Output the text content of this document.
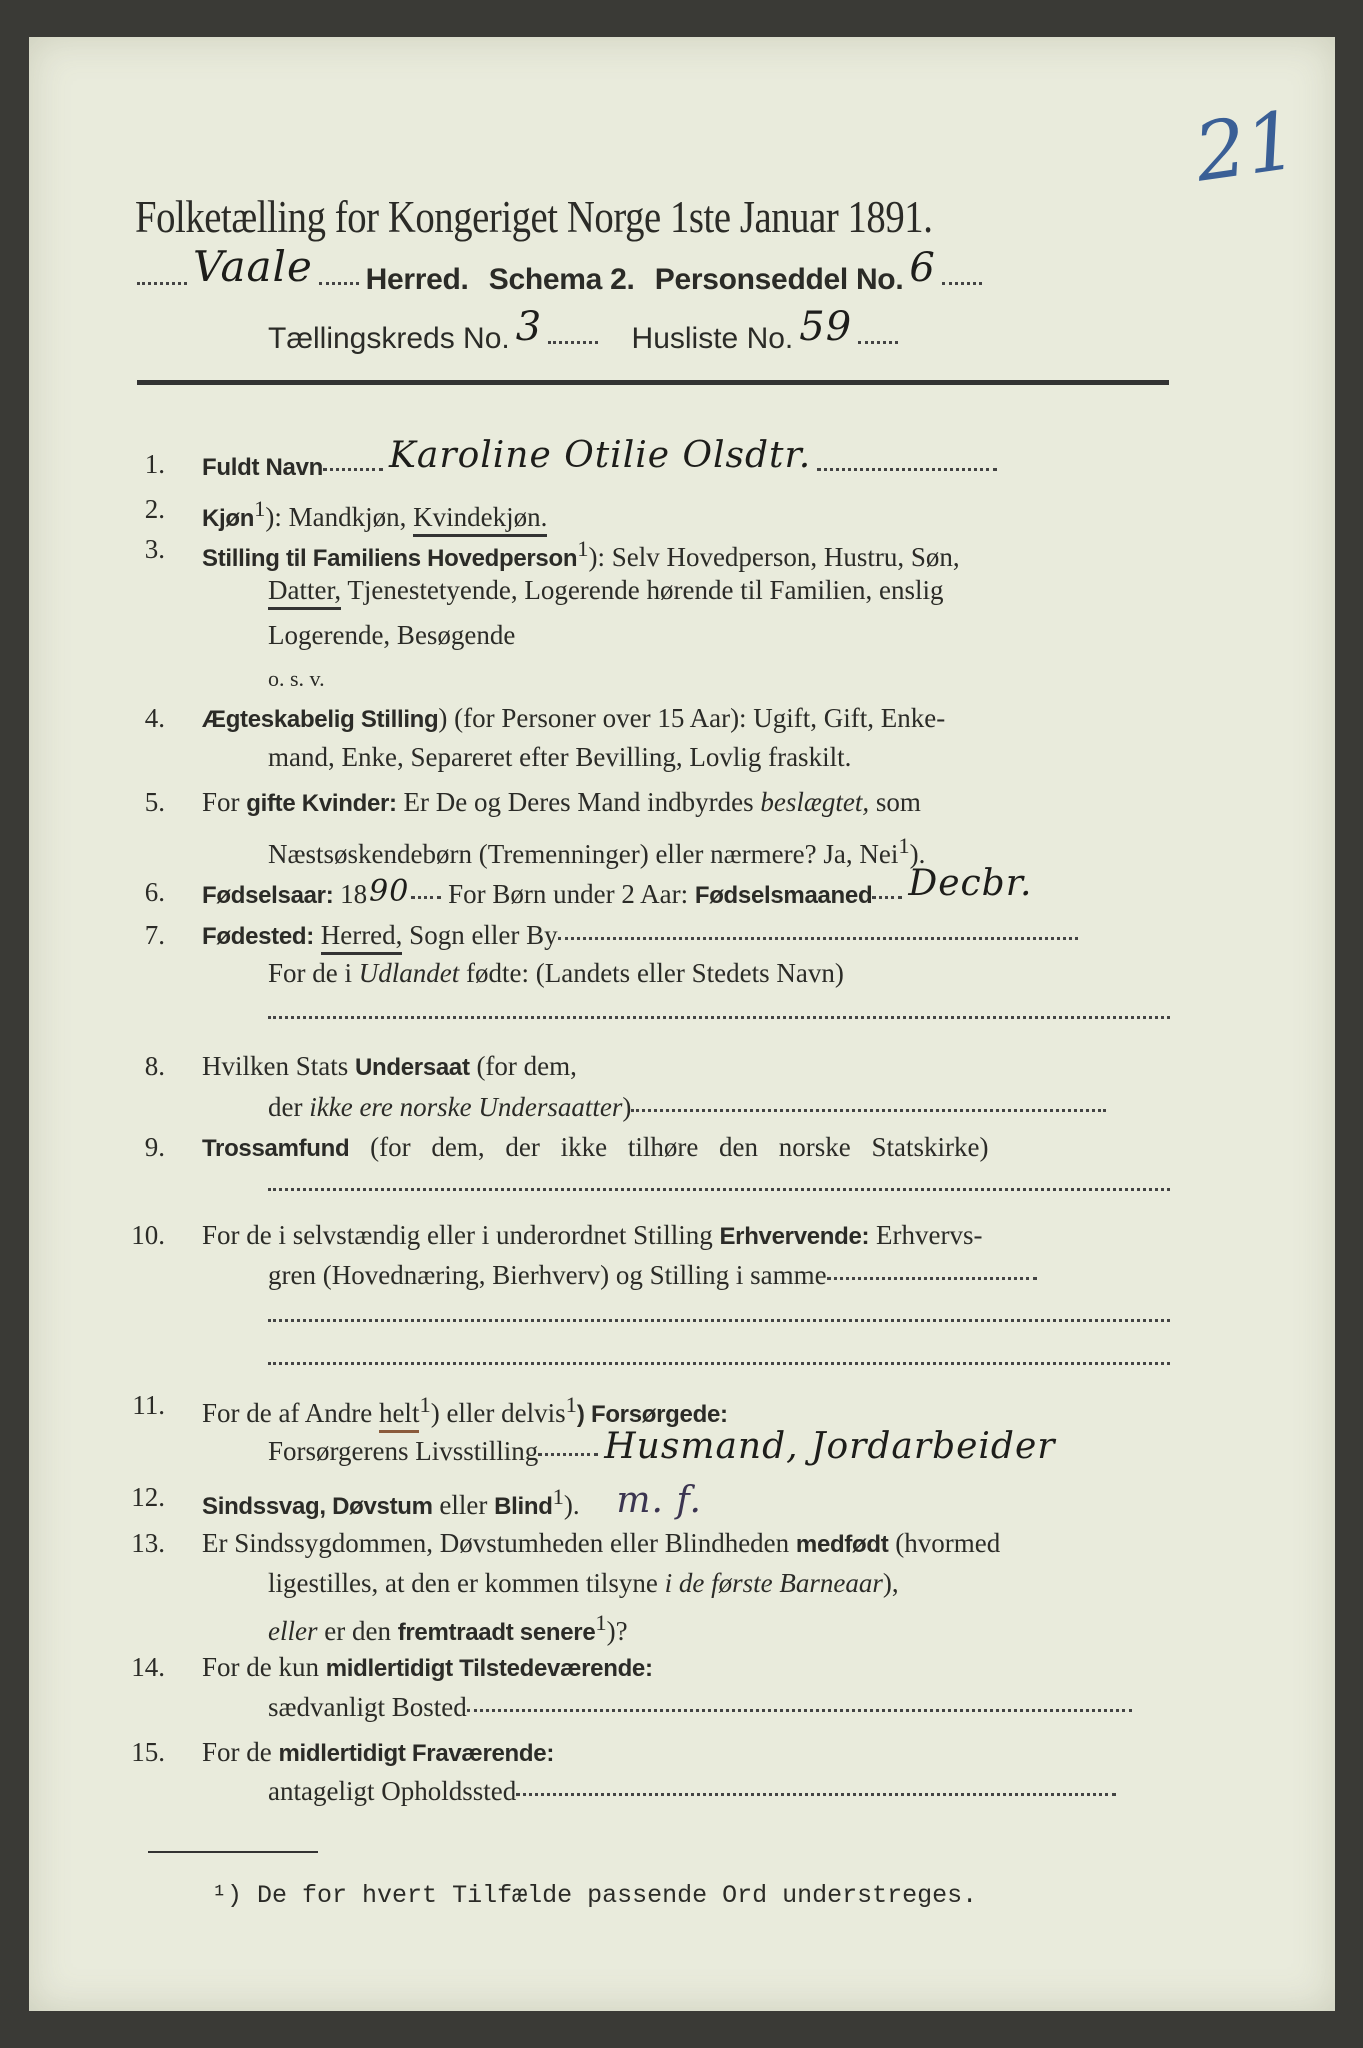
21
Folketælling for Kongeriget Norge 1ste Januar 1891.
Vaale Herred. Schema 2. Personseddel No. 6
Tællingskreds No. 3	Husliste No. 59
1. Fuldt Navn Karoline Otilie Olsdtr.
2. Kjøn$^1$): Mandkjøn, Kvindekjøn.
3. Stilling til Familiens Hovedperson$^1$): Selv Hovedperson, Hustru, Søn,
Datter, Tjenestetyende, Logerende hørende til Familien, enslig
Logerende, Besøgende
o. s. v.
4. Ægteskabelig Stilling) (for Personer over 15 Aar): Ugift, Gift, Enke-
mand, Enke, Separeret efter Bevilling, Lovlig fraskilt.
5. For gifte Kvinder: Er De og Deres Mand indbyrdes beslægtet, som
Næstsøskendebørn (Tremenninger) eller nærmere? Ja, Nei$^1$).
6. Fødselsaar: 1890 For Børn under 2 Aar: Fødselsmaaned Decbr.
7. Fødested: Herred, Sogn eller By
For de i Udlandet fødte: (Landets eller Stedets Navn)
8. Hvilken Stats Undersaat (for dem,
der ikke ere norske Undersaatter)
9. Trossamfund (for dem, der ikke tilhøre den norske Statskirke)
10. For de i selvstændig eller i underordnet Stilling Erhvervende: Erhvervs-
gren (Hovednæring, Bierhverv) og Stilling i samme
11. For de af Andre helt$^1$) eller delvis$^1$) Forsørgede:
Forsørgerens Livsstilling Husmand, Jordarbeider
12. Sindssvag, Døvstum eller Blind$^1$). m. f.
13. Er Sindssygdommen, Døvstumheden eller Blindheden medfødt (hvormed
ligestilles, at den er kommen tilsyne i de første Barneaar),
eller er den fremtraadt senere$^1$)?
14. For de kun midlertidigt Tilstedeværende:
sædvanligt Bosted
15. For de midlertidigt Fraværende:
antageligt Opholdssted
¹) De for hvert Tilfælde passende Ord understreges.
